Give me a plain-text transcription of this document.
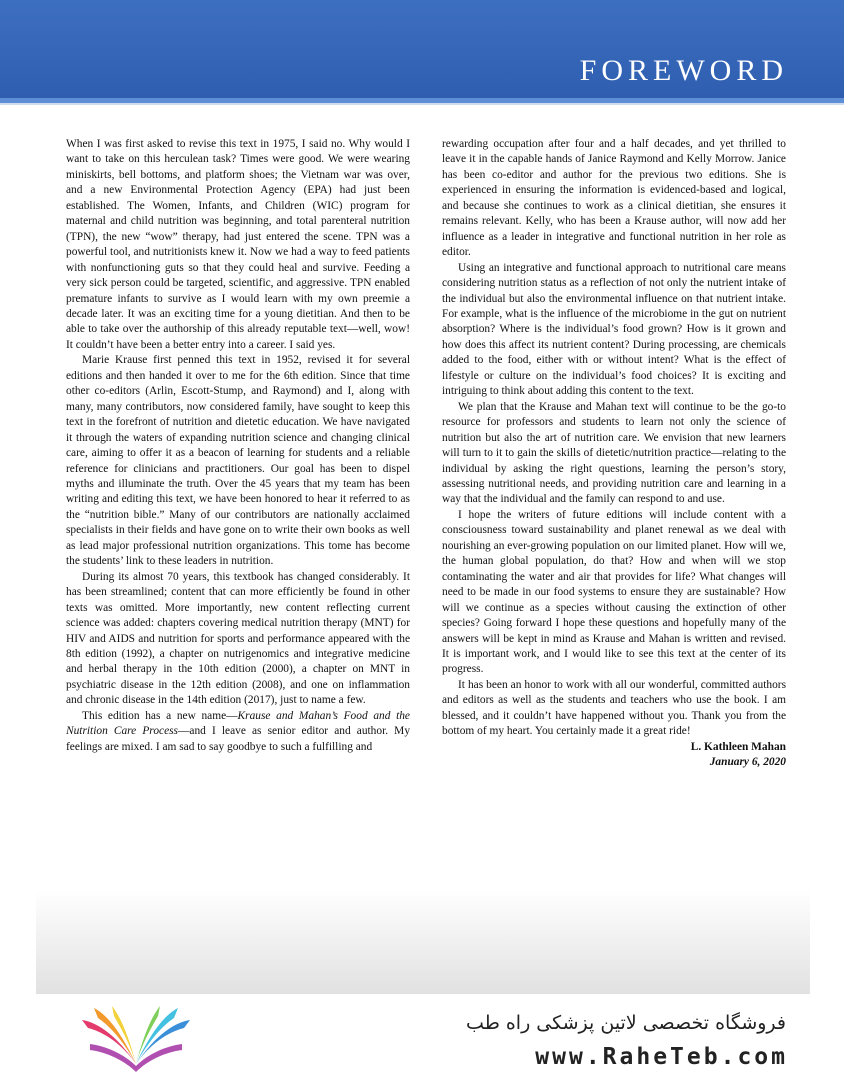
FOREWORD

When I was first asked to revise this text in 1975, I said no. Why would I want to take on this herculean task? Times were good. We were wearing miniskirts, bell bottoms, and platform shoes; the Vietnam war was over, and a new Environmental Protection Agency (EPA) had just been established. The Women, Infants, and Children (WIC) program for maternal and child nutrition was beginning, and total parenteral nutrition (TPN), the new “wow” therapy, had just entered the scene. TPN was a powerful tool, and nutritionists knew it. Now we had a way to feed patients with nonfunctioning guts so that they could heal and survive. Feeding a very sick person could be targeted, scientific, and aggressive. TPN enabled premature infants to survive as I would learn with my own preemie a decade later. It was an exciting time for a young dietitian. And then to be able to take over the authorship of this already reputable text—well, wow! It couldn’t have been a better entry into a career. I said yes.

Marie Krause first penned this text in 1952, revised it for several editions and then handed it over to me for the 6th edition. Since that time other co-editors (Arlin, Escott-Stump, and Raymond) and I, along with many, many contributors, now considered family, have sought to keep this text in the forefront of nutrition and dietetic education. We have navigated it through the waters of expanding nutrition science and changing clinical care, aiming to offer it as a beacon of learning for students and a reliable reference for clinicians and practitioners. Our goal has been to dispel myths and illuminate the truth. Over the 45 years that my team has been writing and editing this text, we have been honored to hear it referred to as the “nutrition bible.” Many of our contributors are nationally acclaimed specialists in their fields and have gone on to write their own books as well as lead major professional nutrition organizations. This tome has become the students’ link to these leaders in nutrition.

During its almost 70 years, this textbook has changed considerably. It has been streamlined; content that can more efficiently be found in other texts was omitted. More importantly, new content reflecting current science was added: chapters covering medical nutrition therapy (MNT) for HIV and AIDS and nutrition for sports and performance appeared with the 8th edition (1992), a chapter on nutrigenomics and integrative medicine and herbal therapy in the 10th edition (2000), a chapter on MNT in psychiatric disease in the 12th edition (2008), and one on inflammation and chronic disease in the 14th edition (2017), just to name a few.

This edition has a new name—Krause and Mahan’s Food and the Nutrition Care Process—and I leave as senior editor and author. My feelings are mixed. I am sad to say goodbye to such a fulfilling and

rewarding occupation after four and a half decades, and yet thrilled to leave it in the capable hands of Janice Raymond and Kelly Morrow. Janice has been co-editor and author for the previous two editions. She is experienced in ensuring the information is evidenced-based and logical, and because she continues to work as a clinical dietitian, she ensures it remains relevant. Kelly, who has been a Krause author, will now add her influence as a leader in integrative and functional nutrition in her role as editor.

Using an integrative and functional approach to nutritional care means considering nutrition status as a reflection of not only the nutrient intake of the individual but also the environmental influence on that nutrient intake. For example, what is the influence of the microbiome in the gut on nutrient absorption? Where is the individual’s food grown? How is it grown and how does this affect its nutrient content? During processing, are chemicals added to the food, either with or without intent? What is the effect of lifestyle or culture on the individual’s food choices? It is exciting and intriguing to think about adding this content to the text.

We plan that the Krause and Mahan text will continue to be the go-to resource for professors and students to learn not only the science of nutrition but also the art of nutrition care. We envision that new learners will turn to it to gain the skills of dietetic/nutrition practice—relating to the individual by asking the right questions, learning the person’s story, assessing nutritional needs, and providing nutrition care and learning in a way that the individual and the family can respond to and use.

I hope the writers of future editions will include content with a consciousness toward sustainability and planet renewal as we deal with nourishing an ever-growing population on our limited planet. How will we, the human global population, do that? How and when will we stop contaminating the water and air that provides for life? What changes will need to be made in our food systems to ensure they are sustainable? How will we continue as a species without causing the extinction of other species? Going forward I hope these questions and hopefully many of the answers will be kept in mind as Krause and Mahan is written and revised. It is important work, and I would like to see this text at the center of its progress.

It has been an honor to work with all our wonderful, committed authors and editors as well as the students and teachers who use the book. I am blessed, and it couldn’t have happened without you. Thank you from the bottom of my heart. You certainly made it a great ride!

L. Kathleen Mahan

January 6, 2020

فروشگاه تخصصی لاتین پزشکی راه طب
www.RaheTeb.com
